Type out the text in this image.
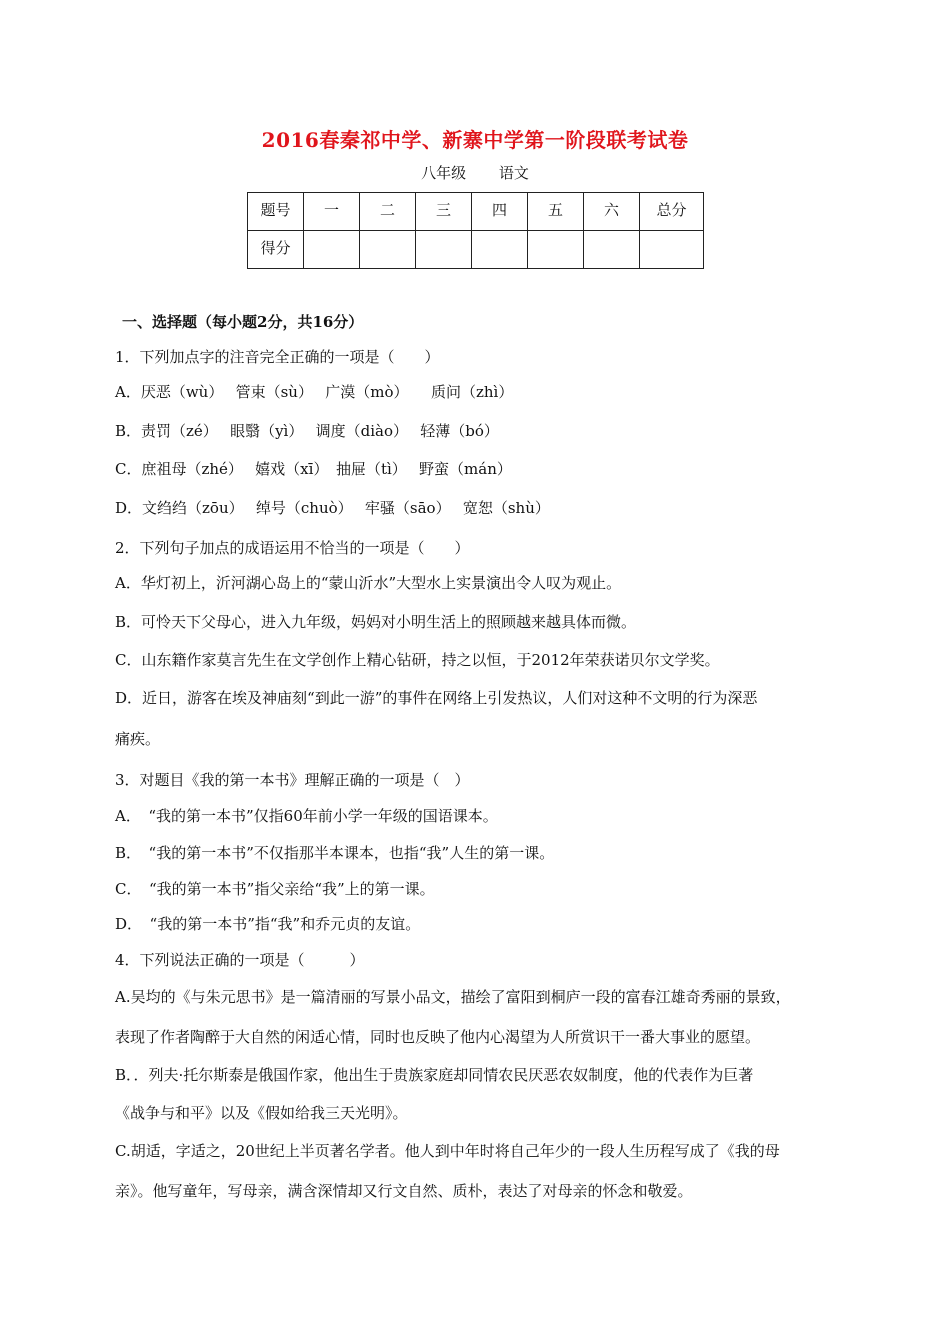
2016春秦祁中学、新寨中学第一阶段联考试卷
八年级 语文
题号	一	二	三	四	五	六	总分
得分							
一、选择题（每小题2分，共16分）
1．下列加点字的注音完全正确的一项是（　　）
A．厌恶（wù）　 管束（sù）　 广漠（mò）　　质问（zhì）
B．责罚（zé）　 眼翳（yì）　 调度（diào）　 轻薄（bó）
C．庶祖母（zhé）　 嬉戏（xī）　抽屉（tì）　 野蛮（mán）
D．文绉绉（zōu）　 绰号（chuò）　 牢骚（sāo）　 宽恕（shù）
2．下列句子加点的成语运用不恰当的一项是（　　）
A．华灯初上，沂河湖心岛上的“蒙山沂水”大型水上实景演出令人叹为观止。
B．可怜天下父母心，进入九年级，妈妈对小明生活上的照顾越来越具体而微。
C．山东籍作家莫言先生在文学创作上精心钻研，持之以恒，于2012年荣获诺贝尔文学奖。
D．近日，游客在埃及神庙刻“到此一游”的事件在网络上引发热议，人们对这种不文明的行为深恶
痛疾。
3．对题目《我的第一本书》理解正确的一项是（　）
A．　“我的第一本书”仅指60年前小学一年级的国语课本。
B．　“我的第一本书”不仅指那半本课本，也指“我”人生的第一课。
C．　“我的第一本书”指父亲给“我”上的第一课。
D．　“我的第一本书”指“我”和乔元贞的友谊。
4．下列说法正确的一项是（　　　）
A.吴均的《与朱元思书》是一篇清丽的写景小品文，描绘了富阳到桐庐一段的富春江雄奇秀丽的景致，
表现了作者陶醉于大自然的闲适心情，同时也反映了他内心渴望为人所赏识干一番大事业的愿望。
B．．列夫·托尔斯泰是俄国作家，他出生于贵族家庭却同情农民厌恶农奴制度，他的代表作为巨著
《战争与和平》以及《假如给我三天光明》。
C.胡适，字适之，20世纪上半页著名学者。他人到中年时将自己年少的一段人生历程写成了《我的母
亲》。他写童年，写母亲，满含深情却又行文自然、质朴，表达了对母亲的怀念和敬爱。
